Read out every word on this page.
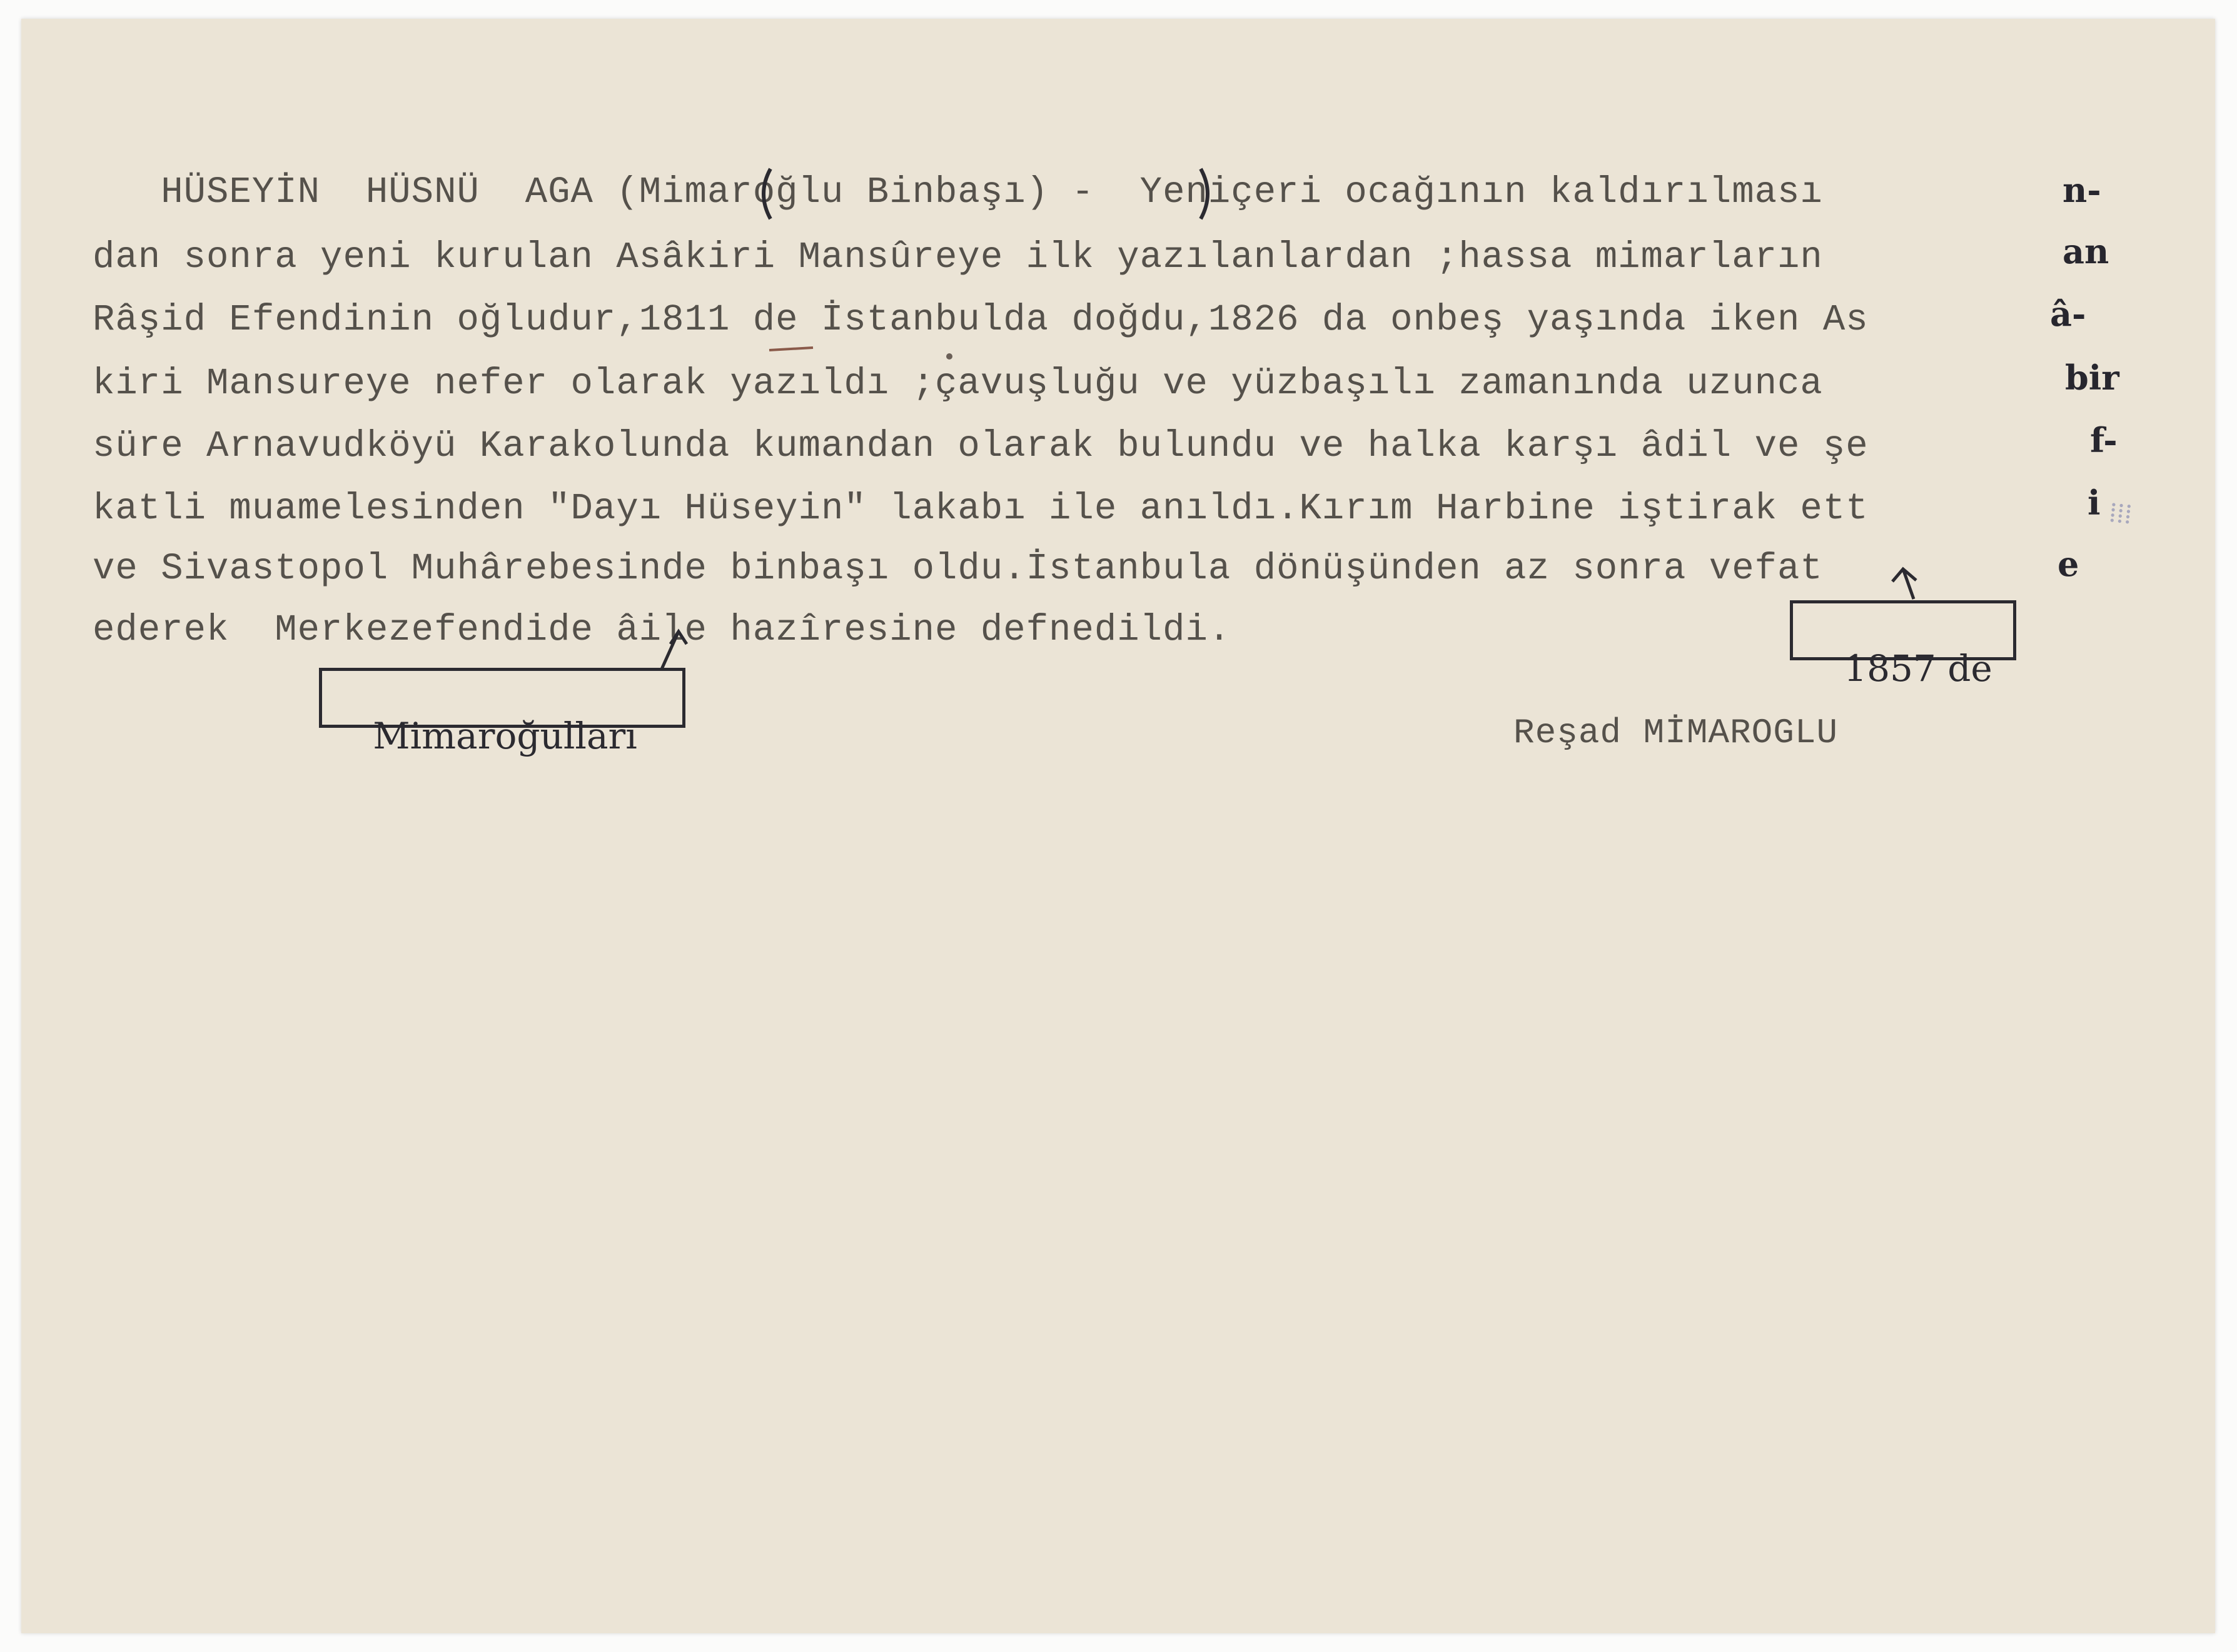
HÜSEYİN  HÜSNÜ  AGA (Mimaroğlu Binbaşı) -  Yeniçeri ocağının kaldırılması
dan sonra yeni kurulan Asâkiri Mansûreye ilk yazılanlardan ;hassa mimarların
Râşid Efendinin oğludur,1811 de İstanbulda doğdu,1826 da onbeş yaşında iken As
kiri Mansureye nefer olarak yazıldı ;çavuşluğu ve yüzbaşılı zamanında uzunca
süre Arnavudköyü Karakolunda kumandan olarak bulundu ve halka karşı âdil ve şe
katli muamelesinden "Dayı Hüseyin" lakabı ile anıldı.Kırım Harbine iştirak ett
ve Sivastopol Muhârebesinde binbaşı oldu.İstanbula dönüşünden az sonra vefat
ederek  Merkezefendide âile hazîresine defnedildi.
n-
an
â-
bir
f-
i
e

Mimaroğulları

1857 de

Reşad MİMAROGLU
⁞⁞⁞
